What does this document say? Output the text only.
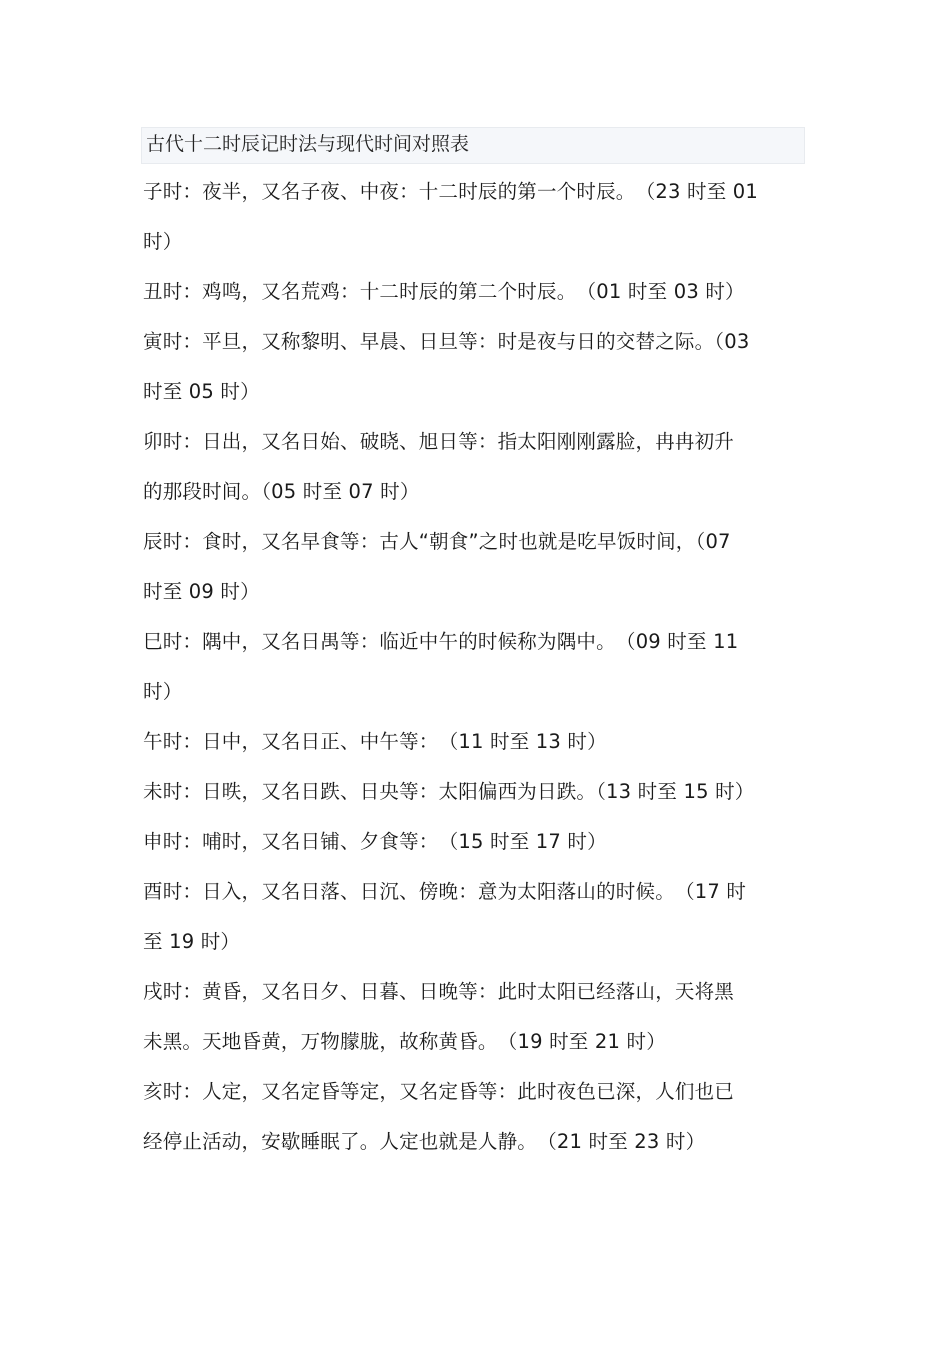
古代十二时辰记时法与现代时间对照表
子时：夜半，又名子夜、中夜：十二时辰的第一个时辰。　（23 时至 01
时）
丑时：鸡鸣，又名荒鸡：十二时辰的第二个时辰。　（01 时至 03 时）
寅时：平旦，又称黎明、早晨、日旦等：时是夜与日的交替之际。（03
时至 05 时）
卯时：日出，又名日始、破晓、旭日等：指太阳刚刚露脸，冉冉初升
的那段时间。（05 时至 07 时）
辰时：食时，又名早食等：古人“朝食”之时也就是吃早饭时间，（07
时至 09 时）
巳时：隅中，又名日禺等：临近中午的时候称为隅中。　（09 时至 11
时）
午时：日中，又名日正、中午等：　（11 时至 13 时）
未时：日昳，又名日跌、日央等：太阳偏西为日跌。（13 时至 15 时）
申时：哺时，又名日铺、夕食等：　（15 时至 17 时）
酉时：日入，又名日落、日沉、傍晚：意为太阳落山的时候。　（17 时
至 19 时）
戌时：黄昏，又名日夕、日暮、日晚等：此时太阳已经落山，天将黑
未黑。天地昏黄，万物朦胧，故称黄昏。　（19 时至 21 时）
亥时：人定，又名定昏等定，又名定昏等：此时夜色已深，人们也已
经停止活动，安歇睡眠了。人定也就是人静。　（21 时至 23 时）
